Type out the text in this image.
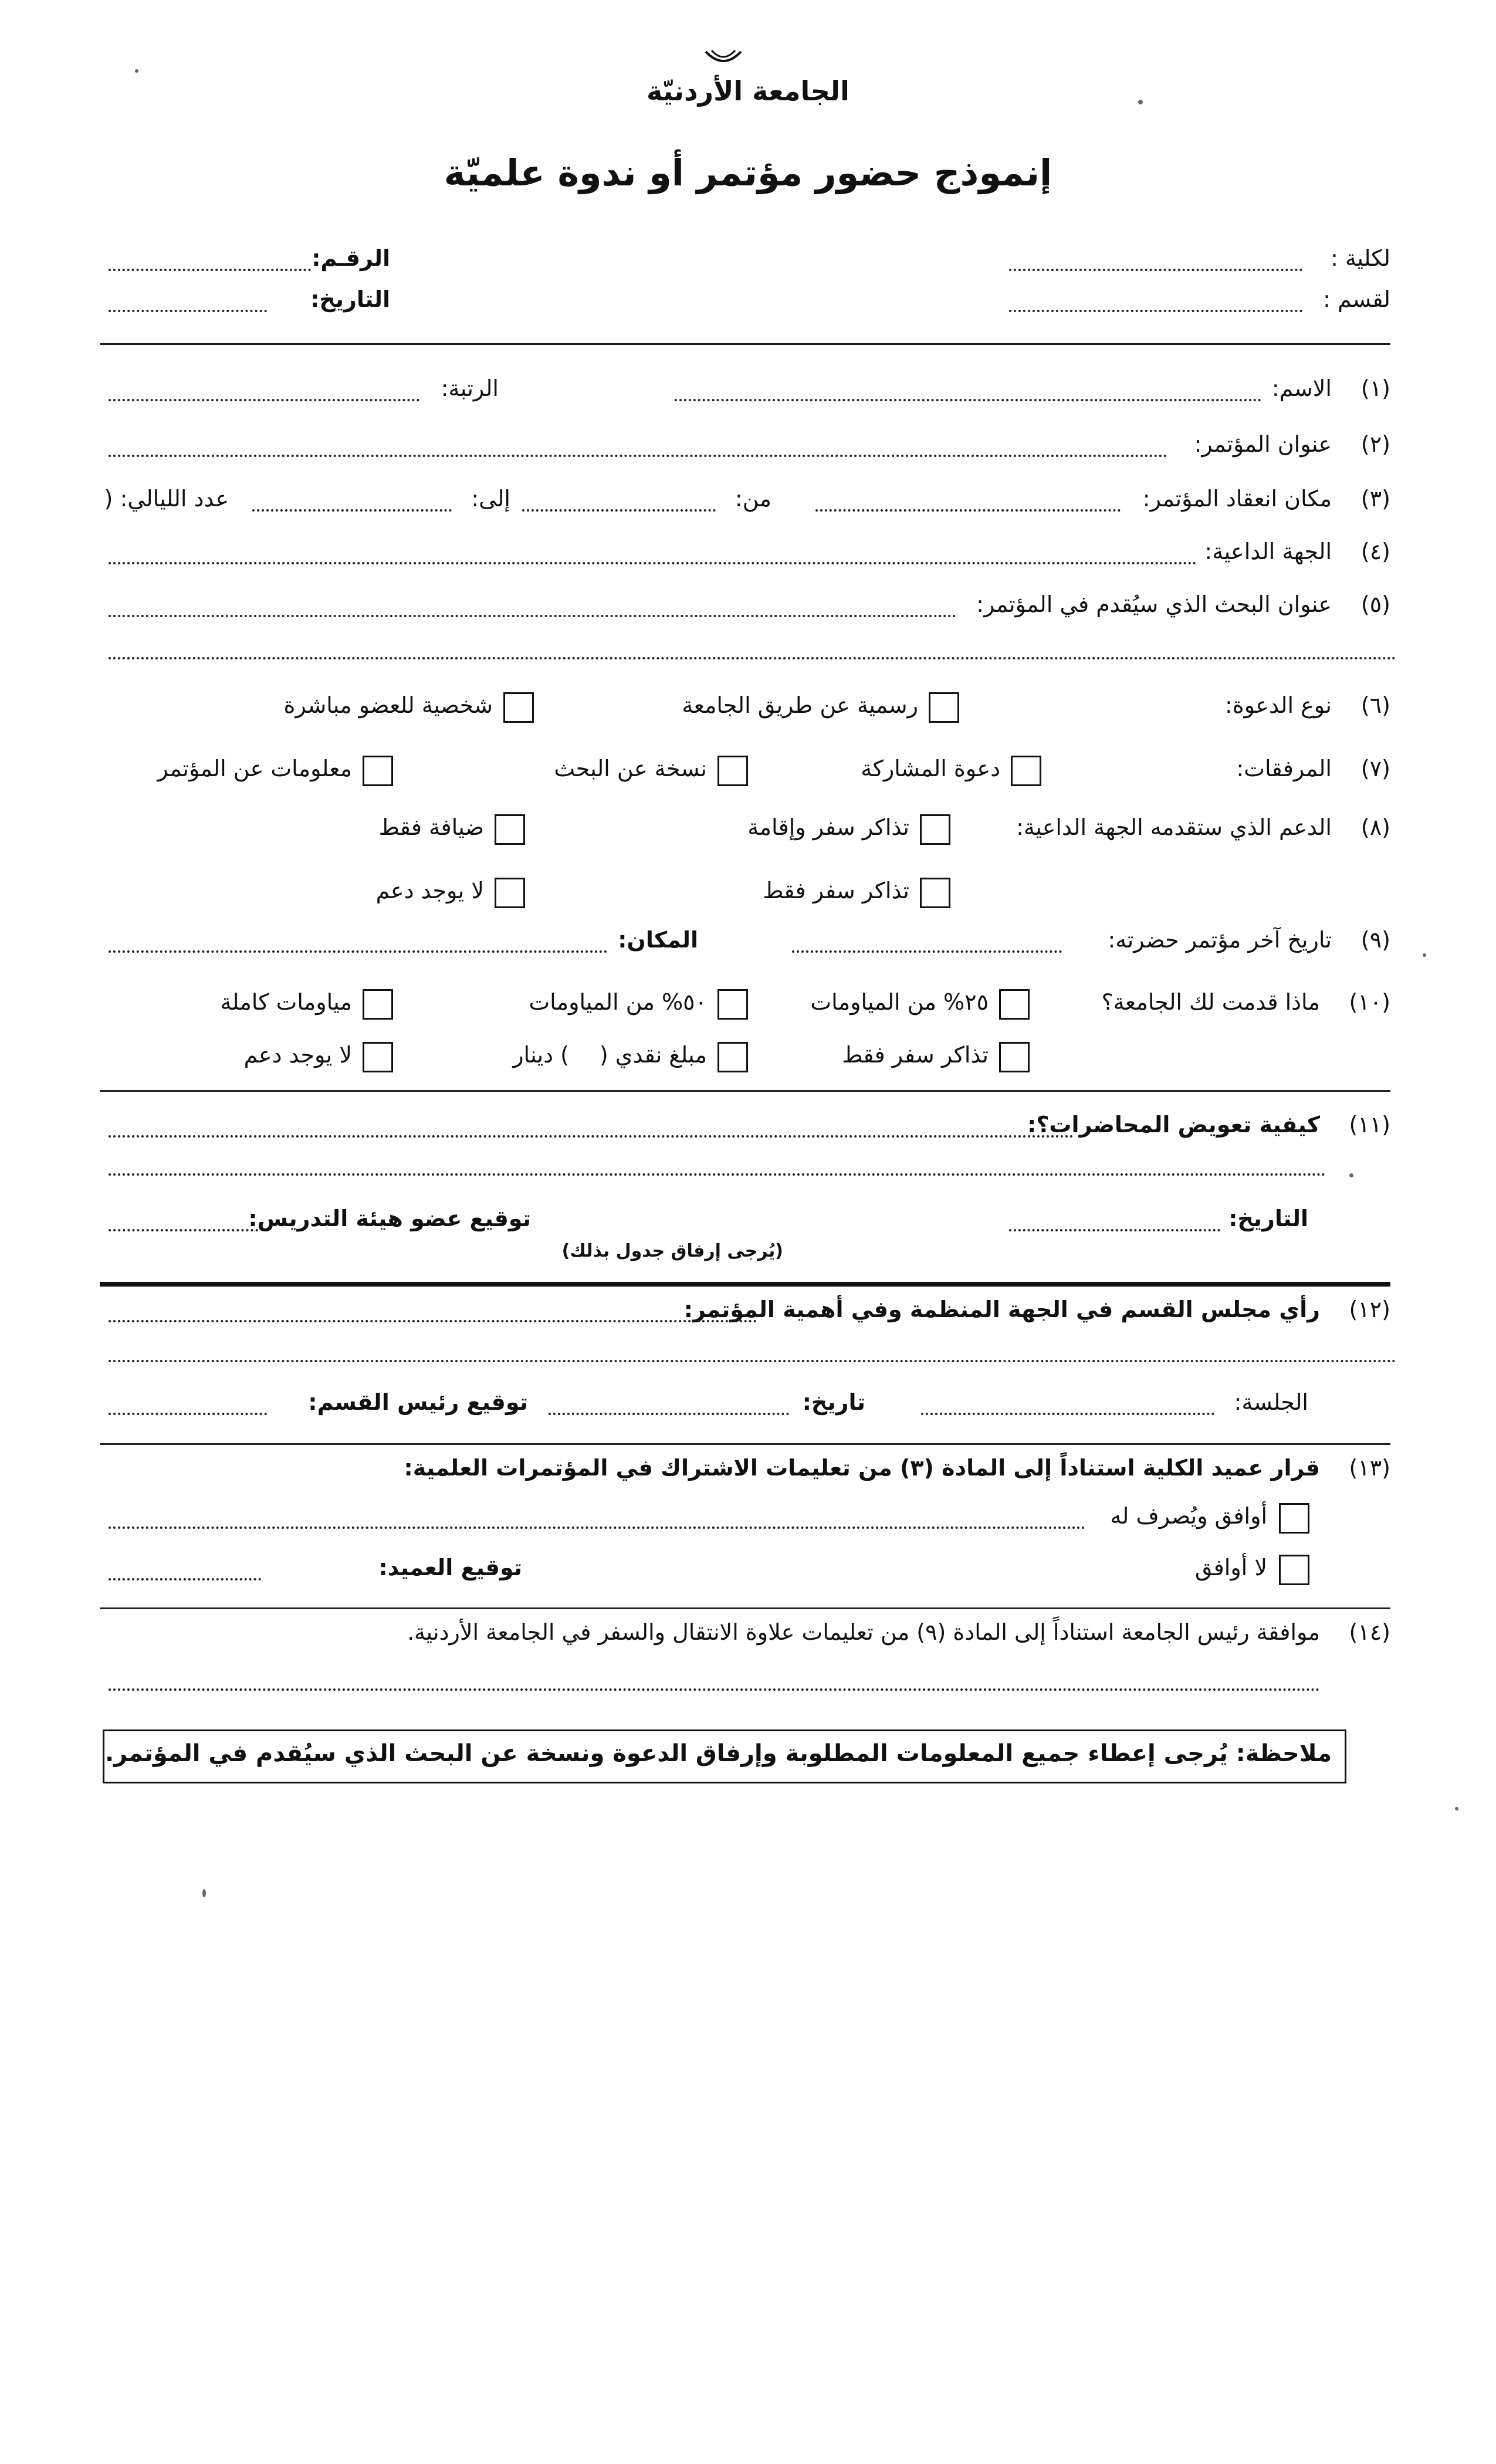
الجامعة الأردنيّة
إنموذج حضور مؤتمر أو ندوة علميّة
لكلية :
لقسم :
الرقـم:
التاريخ:
(١)
الاسم:
الرتبة:
(٢)
عنوان المؤتمر:
(٣)
مكان انعقاد المؤتمر:
من:
إلى:
عدد الليالي: (
(٤)
الجهة الداعية:
(٥)
عنوان البحث الذي سيُقدم في المؤتمر:
(٦)
نوع الدعوة:
رسمية عن طريق الجامعة
شخصية للعضو مباشرة
(٧)
المرفقات:
دعوة المشاركة
نسخة عن البحث
معلومات عن المؤتمر
(٨)
الدعم الذي ستقدمه الجهة الداعية:
تذاكر سفر وإقامة
ضيافة فقط
تذاكر سفر فقط
لا يوجد دعم
(٩)
تاريخ آخر مؤتمر حضرته:
المكان:
(١٠)
ماذا قدمت لك الجامعة؟
٢٥% من المياومات
٥٠% من المياومات
مياومات كاملة
تذاكر سفر فقط
مبلغ نقدي (
) دينار
لا يوجد دعم
(١١)
كيفية تعويض المحاضرات؟:
التاريخ:
توقيع عضو هيئة التدريس:
(يُرجى إرفاق جدول بذلك)
(١٢)
رأي مجلس القسم في الجهة المنظمة وفي أهمية المؤتمر:
الجلسة:
تاريخ:
توقيع رئيس القسم:
(١٣)
قرار عميد الكلية استناداً إلى المادة (٣) من تعليمات الاشتراك في المؤتمرات العلمية:
أوافق ويُصرف له
لا أوافق
توقيع العميد:
(١٤)
موافقة رئيس الجامعة استناداً إلى المادة (٩) من تعليمات علاوة الانتقال والسفر في الجامعة الأردنية.
ملاحظة: يُرجى إعطاء جميع المعلومات المطلوبة وإرفاق الدعوة ونسخة عن البحث الذي سيُقدم في المؤتمر.
